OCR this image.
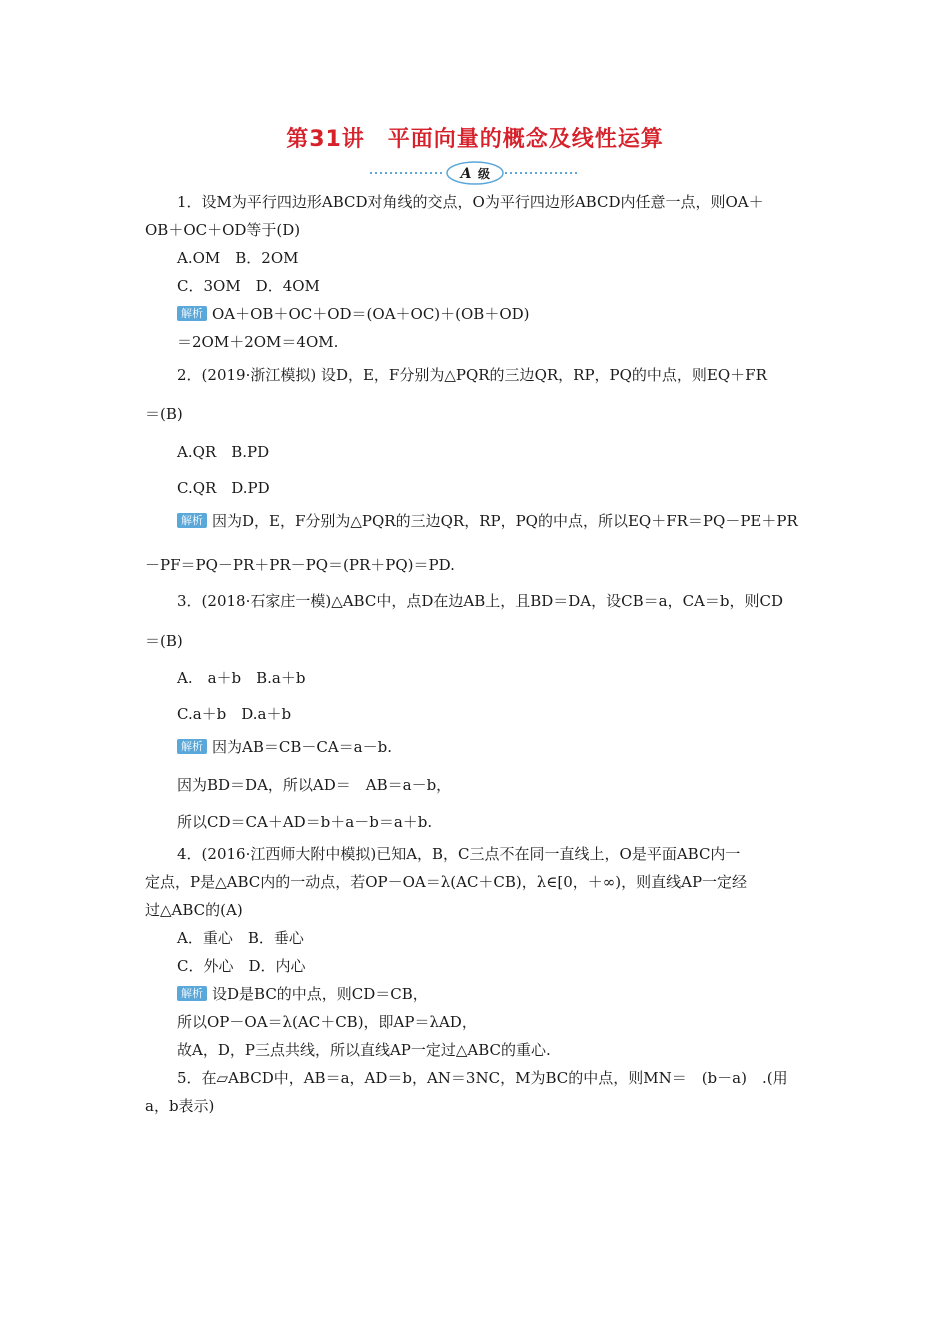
第31讲　平面向量的概念及线性运算
A 级
1．设M为平行四边形ABCD对角线的交点，O为平行四边形ABCD内任意一点，则OA＋
OB＋OC＋OD等于(D)
A.OM　B．2OM
C．3OM　D．4OM
解析 OA＋OB＋OC＋OD＝(OA＋OC)＋(OB＋OD)
＝2OM＋2OM＝4OM.
2．(2019·浙江模拟) 设D，E，F分别为△PQR的三边QR，RP，PQ的中点，则EQ＋FR
＝(B)
A.QR　B.PD
C.QR　D.PD
解析 因为D，E，F分别为△PQR的三边QR，RP，PQ的中点，所以EQ＋FR＝PQ－PE＋PR
－PF＝PQ－PR＋PR－PQ＝(PR＋PQ)＝PD.
3．(2018·石家庄一模)△ABC中，点D在边AB上，且BD＝DA，设CB＝a，CA＝b，则CD
＝(B)
A.　a＋b　B.a＋b
C.a＋b　D.a＋b
解析 因为AB＝CB－CA＝a－b.
因为BD＝DA，所以AD＝　AB＝a－b，
所以CD＝CA＋AD＝b＋a－b＝a＋b.
4．(2016·江西师大附中模拟)已知A，B，C三点不在同一直线上，O是平面ABC内一
定点，P是△ABC内的一动点，若OP－OA＝λ(AC＋CB)，λ∈[0，＋∞)，则直线AP一定经
过△ABC的(A)
A．重心　B．垂心
C．外心　D．内心
解析 设D是BC的中点，则CD＝CB，
所以OP－OA＝λ(AC＋CB)，即AP＝λAD，
故A，D，P三点共线，所以直线AP一定过△ABC的重心.
5．在▱ABCD中，AB＝a，AD＝b，AN＝3NC，M为BC的中点，则MN＝　(b－a)　.(用
a，b表示)
